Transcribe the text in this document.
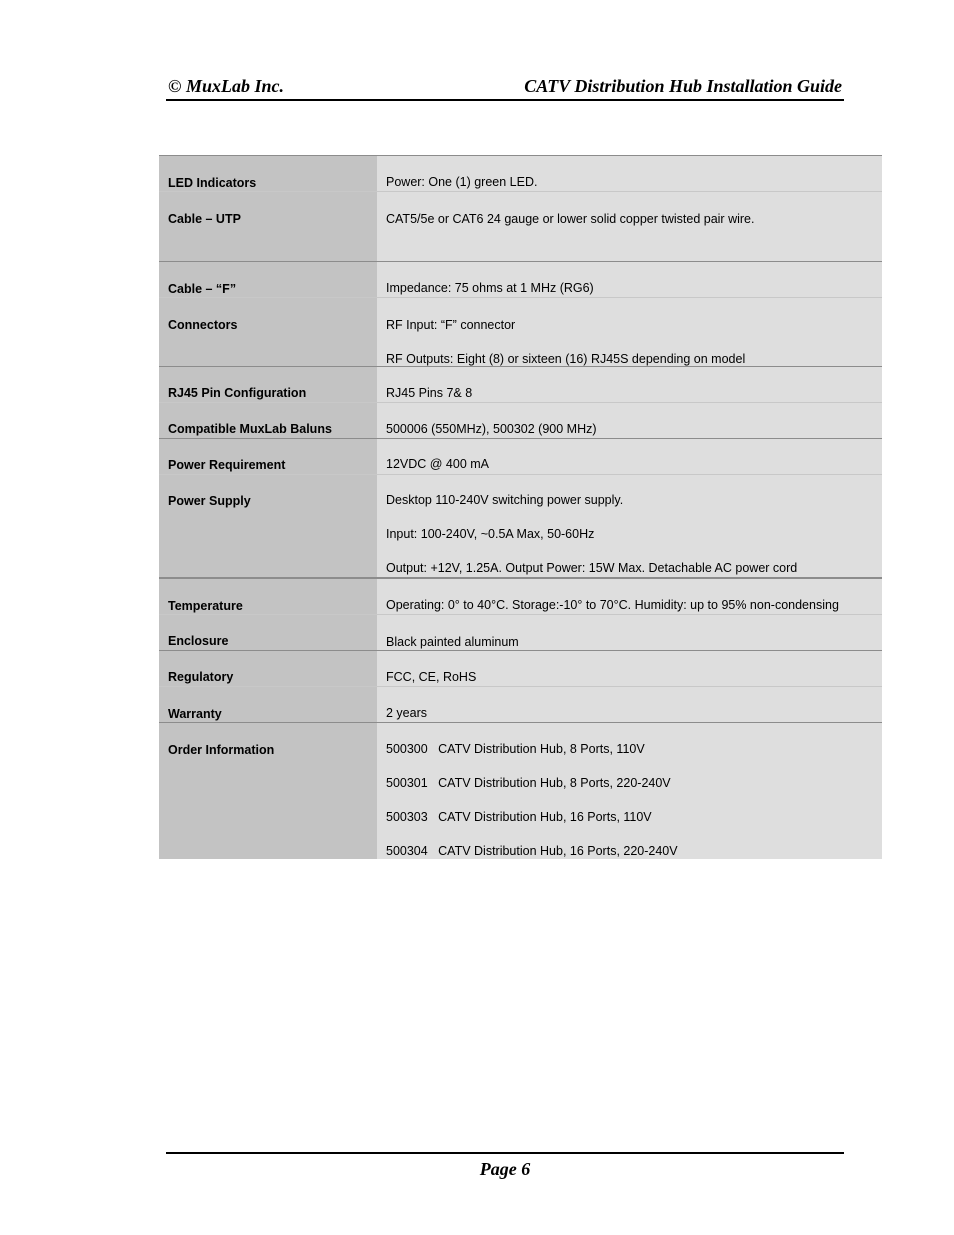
© MuxLab Inc.	CATV Distribution Hub Installation Guide
LED Indicators	Power: One (1) green LED.
Cable – UTP	CAT5/5e or CAT6 24 gauge or lower solid copper twisted pair wire.
Cable – “F”	Impedance: 75 ohms at 1 MHz (RG6)
Connectors	RF Input: “F” connector
RF Outputs: Eight (8) or sixteen (16) RJ45S depending on model
RJ45 Pin Configuration	RJ45 Pins 7& 8
Compatible MuxLab Baluns	500006 (550MHz), 500302 (900 MHz)
Power Requirement	12VDC @ 400 mA
Power Supply	Desktop 110-240V switching power supply.
Input: 100-240V, ~0.5A Max, 50-60Hz
Output: +12V, 1.25A. Output Power: 15W Max. Detachable AC power cord
Temperature	Operating: 0° to 40°C. Storage:-10° to 70°C. Humidity: up to 95% non-condensing
Enclosure	Black painted aluminum
Regulatory	FCC, CE, RoHS
Warranty	2 years
Order Information	500300   CATV Distribution Hub, 8 Ports, 110V
500301   CATV Distribution Hub, 8 Ports, 220-240V
500303   CATV Distribution Hub, 16 Ports, 110V
500304   CATV Distribution Hub, 16 Ports, 220-240V
Page 6
